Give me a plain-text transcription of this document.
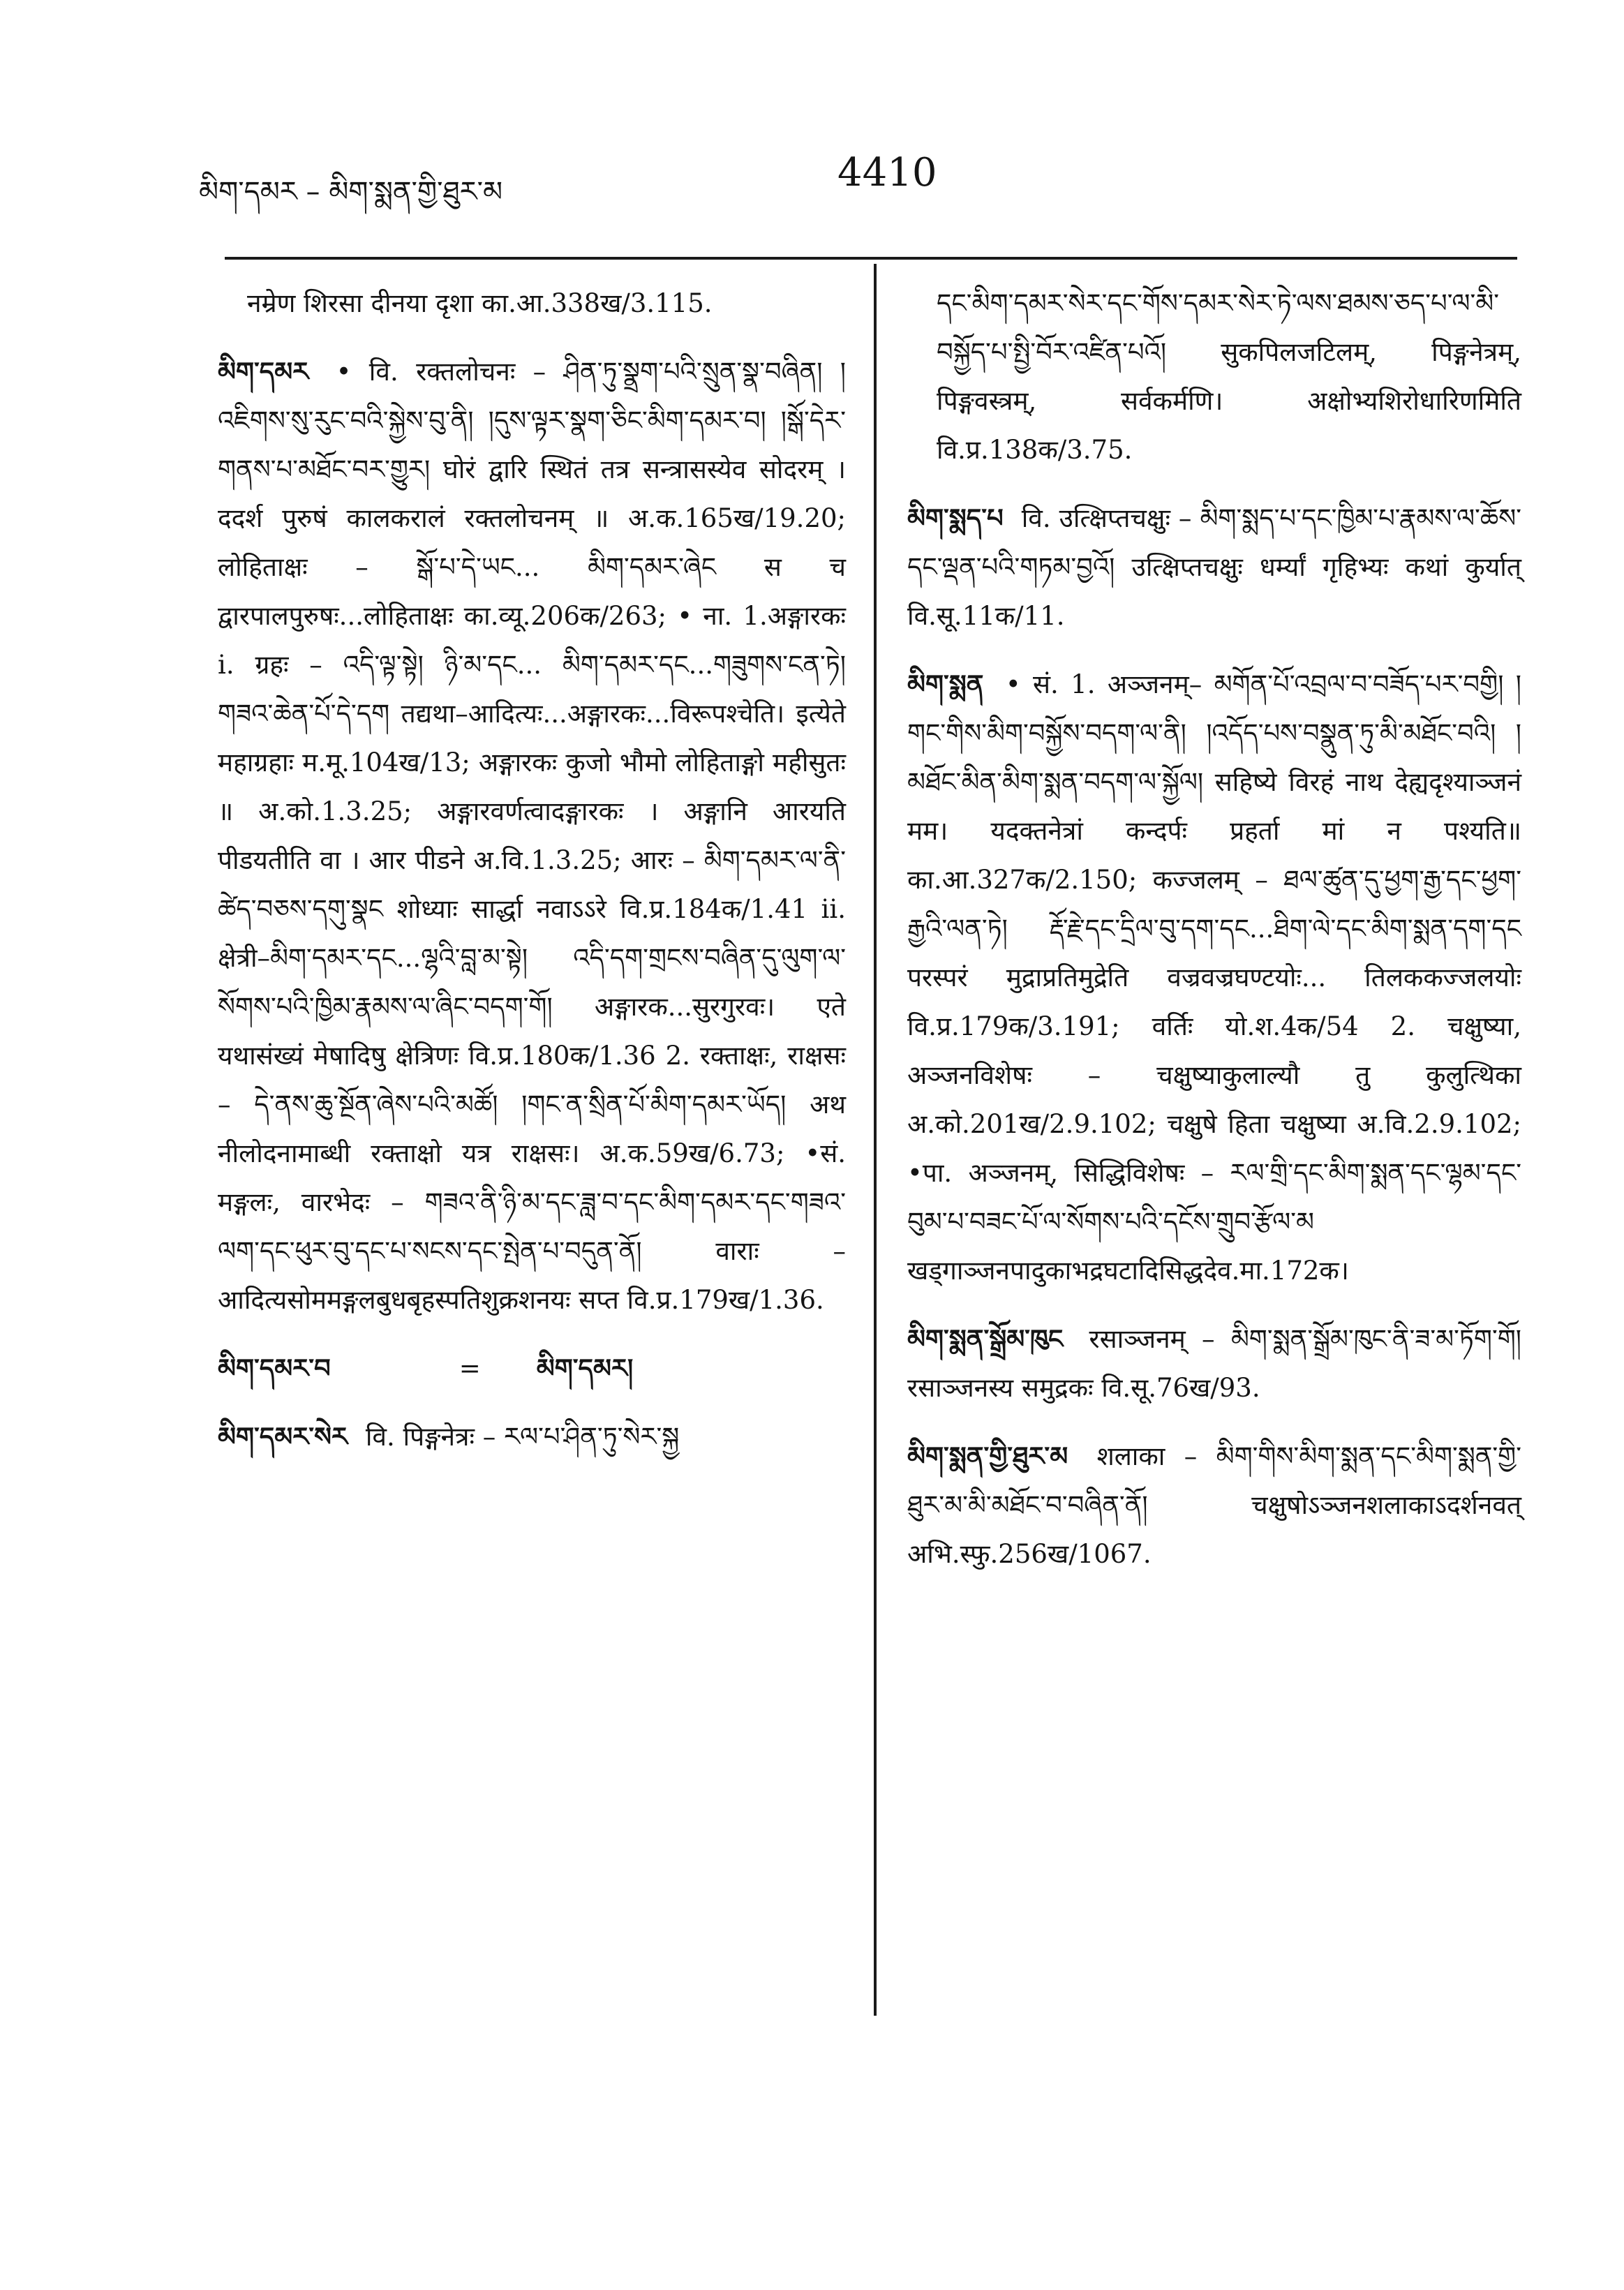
མིག་དམར – མིག་སྨན་གྱི་ཐུར་མ	4410
नम्रेण शिरसा दीनया दृशा का.आ.338ख/3.115.
མིག་དམར • वि. रक्तलोचनः – ཤིན་ཏུ་སྣྲག་པའི་སྲུན་སྣ་བཞིན། །འཇིགས་སུ་རུང་བའི་སྐྱེས་བུ་ནི། །དུས་ལྟར་སྣག་ཅིང་མིག་དམར་བ། །སྒོ་དེར་གནས་པ་མཐོང་བར་གྱུར། घोरं द्वारि स्थितं तत्र सन्त्रासस्येव सोदरम् । ददर्श पुरुषं कालकरालं रक्तलोचनम् ॥ अ.क.165ख/19.20; लोहिताक्षः – སྒོ་པ་དེ་ཡང... མིག་དམར་ཞེང स च द्वारपालपुरुषः...लोहिताक्षः का.व्यू.206क/263; • ना. 1.अङ्गारकः i. ग्रहः – འདི་ལྟ་སྟེ། ཉི་མ་དང... མིག་དམར་དང...གཟུགས་ངན་ཏེ། གཟའ་ཆེན་པོ་དེ་དག तद्यथा–आदित्यः...अङ्गारकः...विरूपश्चेति। इत्येते महाग्रहाः म.मू.104ख/13; अङ्गारकः कुजो भौमो लोहिताङ्गो महीसुतः ॥ अ.को.1.3.25; अङ्गारवर्णत्वादङ्गारकः । अङ्गानि आरयति पीडयतीति वा । आर पीडने अ.वि.1.3.25; आरः – མིག་དམར་ལ་ནི་ཚེད་བཅས་དགུ་སྣང शोध्याः सार्द्धा नवाऽऽरे वि.प्र.184क/1.41 ii. क्षेत्री–མིག་དམར་དང...ལྷའི་བླ་མ་སྟེ། འདི་དག་གྲངས་བཞིན་དུ་ལུག་ལ་སོགས་པའི་ཁྱིམ་རྣམས་ལ་ཞིང་བདག་གོ། अङ्गारक...सुरगुरवः। एते यथासंख्यं मेषादिषु क्षेत्रिणः वि.प्र.180क/1.36 2. रक्ताक्षः, राक्षसः – དེ་ནས་ཆུ་སྔོན་ཞེས་པའི་མཚོ། །གང་ན་སྲིན་པོ་མིག་དམར་ཡོད། अथ नीलोदनामाब्धी रक्ताक्षो यत्र राक्षसः। अ.क.59ख/6.73; •सं. मङ्गलः, वारभेदः – གཟའ་ནི་ཉི་མ་དང་ཟླ་བ་དང་མིག་དམར་དང་གཟའ་ལག་དང་ཕུར་བུ་དང་པ་སངས་དང་སྤེན་པ་བདུན་ནོ། वाराः – आदित्यसोममङ्गलबुधबृहस्पतिशुक्रशनयः सप्त वि.प्र.179ख/1.36.
མིག་དམར་བ	= མིག་དམར།
མིག་དམར་སེར वि. पिङ्गनेत्रः – རལ་པ་ཤིན་ཏུ་སེར་སྐྱ
དང་མིག་དམར་སེར་དང་གོས་དམར་སེར་ཏེ་ལས་ཐམས་ཅད་པ་ལ་མི་བསྐྱོད་པ་སྤྱི་བོར་འཛིན་པའོ། सुकपिलजटिलम्, पिङ्गनेत्रम्, पिङ्गवस्त्रम्, सर्वकर्मणि। अक्षोभ्यशिरोधारिणमिति वि.प्र.138क/3.75.
མིག་སྨད་པ वि. उत्क्षिप्तचक्षुः – མིག་སྨད་པ་དང་ཁྱིམ་པ་རྣམས་ལ་ཆོས་དང་ལྡན་པའི་གཏམ་བྱའོ། उत्क्षिप्तचक्षुः धर्म्यां गृहिभ्यः कथां कुर्यात् वि.सू.11क/11.
མིག་སྨན • सं. 1. अञ्जनम्– མགོན་པོ་འབྲལ་བ་བཟོད་པར་བགྱི། །གང་གིས་མིག་བསྐྱོས་བདག་ལ་ནི། །འདོད་པས་བསྣུན་ཏུ་མི་མཐོང་བའི། །མཐོང་མིན་མིག་སྨན་བདག་ལ་སྐྱོལ། सहिष्ये विरहं नाथ देह्यदृश्याञ्जनं मम। यदक्तनेत्रां कन्दर्पः प्रहर्ता मां न पश्यति॥ का.आ.327क/2.150; कज्जलम् – ཐལ་ཚུན་དུ་ཕྱག་རྒྱ་དང་ཕྱག་རྒྱའི་ལན་ཏེ། རྡོ་རྗེ་དང་དྲིལ་བུ་དག་དང...ཐིག་ལེ་དང་མིག་སྨན་དག་དང परस्परं मुद्राप्रतिमुद्रेति वज्रवज्रघण्टयोः... तिलककज्जलयोः वि.प्र.179क/3.191; वर्तिः यो.श.4क/54 2. चक्षुष्या, अञ्जनविशेषः – चक्षुष्याकुलाल्यौ तु कुलुत्थिका अ.को.201ख/2.9.102; चक्षुषे हिता चक्षुष्या अ.वि.2.9.102; •पा. अञ्जनम्, सिद्धिविशेषः – རལ་གྲི་དང་མིག་སྨན་དང་ལྷམ་དང་བུམ་པ་བཟང་པོ་ལ་སོགས་པའི་དངོས་གྲུབ་རྩོལ་མ खड्गाञ्जनपादुकाभद्रघटादिसिद्धदेव.मा.172क।
མིག་སྨན་སྒྲོམ་ཁུང रसाञ्जनम् – མིག་སྨན་སྒྲོམ་ཁུང་ནི་ཟ་མ་ཏོག་གོ། रसाञ्जनस्य समुद्रकः वि.सू.76ख/93.
མིག་སྨན་གྱི་ཐུར་མ शलाका – མིག་གིས་མིག་སྨན་དང་མིག་སྨན་གྱི་ཐུར་མ་མི་མཐོང་བ་བཞིན་ནོ། चक्षुषोऽञ्जनशलाकाऽदर्शनवत् अभि.स्फु.256ख/1067.
